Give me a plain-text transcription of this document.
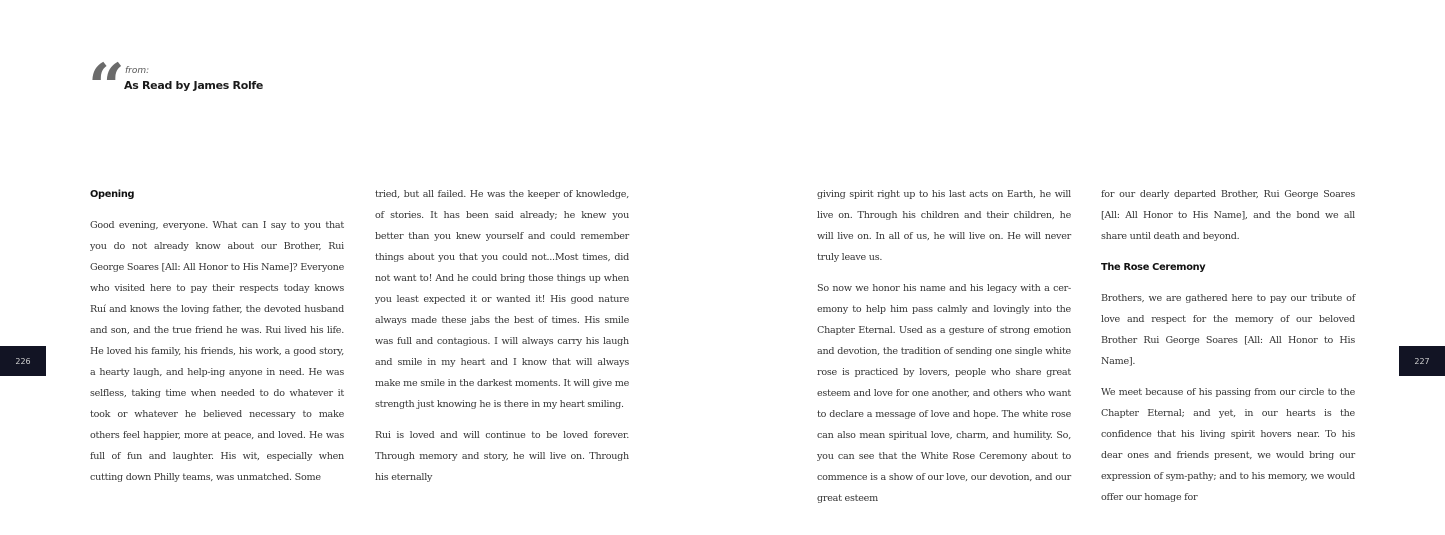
“ from:
As Read by James Rolfe
Opening

Good evening, everyone. What can I say to you that you do not already know about our Brother, Rui George Soares [All: All Honor to His Name]? Everyone who visited here to pay their respects today knows Ruí and knows the loving father, the devoted husband and son, and the true friend he was. Rui lived his life. He loved his family, his friends, his work, a good story, a hearty laugh, and help-ing anyone in need. He was selfless, taking time when needed to do whatever it took or whatever he believed necessary to make others feel happier, more at peace, and loved. He was full of fun and laughter. His wit, especially when cutting down Philly teams, was unmatched. Some

tried, but all failed. He was the keeper of knowledge, of stories. It has been said already; he knew you better than you knew yourself and could remember things about you that you could not...Most times, did not want to! And he could bring those things up when you least expected it or wanted it! His good nature always made these jabs the best of times. His smile was full and contagious. I will always carry his laugh and smile in my heart and I know that will always make me smile in the darkest moments. It will give me strength just knowing he is there in my heart smiling.

Rui is loved and will continue to be loved forever. Through memory and story, he will live on. Through his eternally

giving spirit right up to his last acts on Earth, he will live on. Through his children and their children, he will live on. In all of us, he will live on. He will never truly leave us.

So now we honor his name and his legacy with a cer-emony to help him pass calmly and lovingly into the Chapter Eternal. Used as a gesture of strong emotion and devotion, the tradition of sending one single white rose is practiced by lovers, people who share great esteem and love for one another, and others who want to declare a message of love and hope. The white rose can also mean spiritual love, charm, and humility. So, you can see that the White Rose Ceremony about to commence is a show of our love, our devotion, and our great esteem

for our dearly departed Brother, Rui George Soares [All: All Honor to His Name], and the bond we all share until death and beyond.

The Rose Ceremony

Brothers, we are gathered here to pay our tribute of love and respect for the memory of our beloved Brother Rui George Soares [All: All Honor to His Name].

We meet because of his passing from our circle to the Chapter Eternal; and yet, in our hearts is the confidence that his living spirit hovers near. To his dear ones and friends present, we would bring our expression of sym-pathy; and to his memory, we would offer our homage for

226	227
